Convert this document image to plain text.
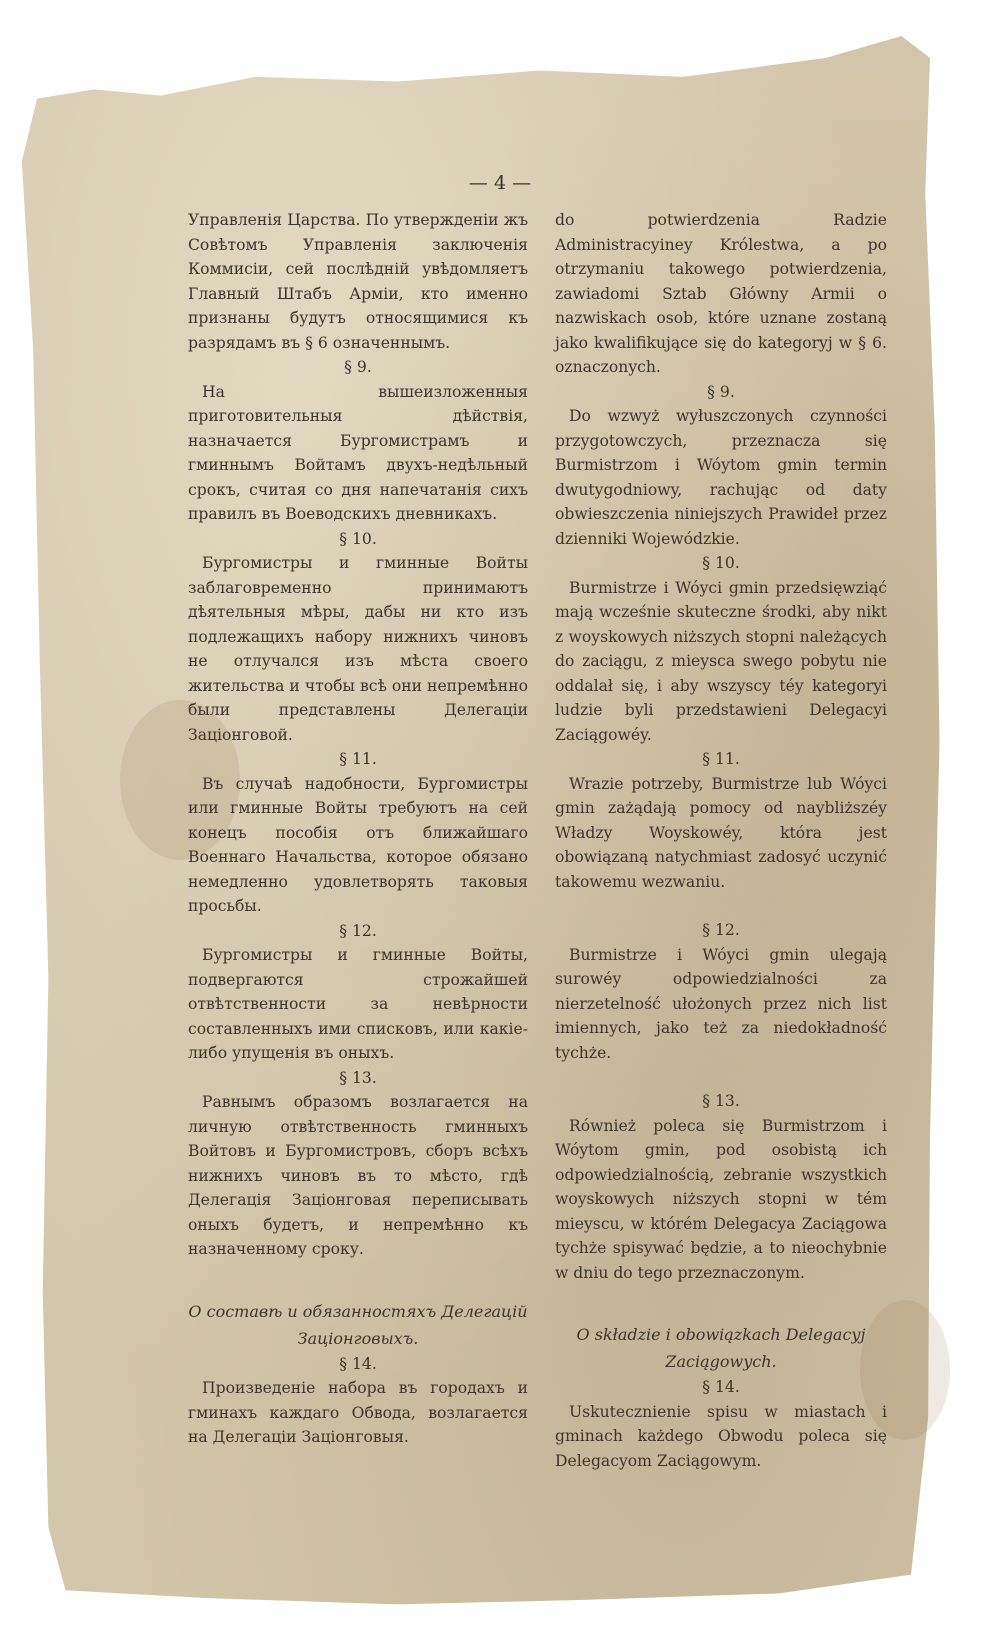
— 4 —

Управленія Царства. По утвержденіи жъ Совѣтомъ Управленія заключенія Коммисіи, сей послѣдній увѣдомляетъ Главный Штабъ Арміи, кто именно признаны будутъ относящимися къ разрядамъ въ § 6 означеннымъ.

§ 9.

На вышеизложенныя приготовительныя дѣйствія, назначается Бургомистрамъ и гминнымъ Войтамъ двухъ-недѣльный срокъ, считая со дня напечатанія сихъ правилъ въ Воеводскихъ дневникахъ.

§ 10.

Бургомистры и гминные Войты заблаговременно принимаютъ дѣятельныя мѣры, дабы ни кто изъ подлежащихъ набору нижнихъ чиновъ не отлучался изъ мѣста своего жительства и чтобы всѣ они непремѣнно были представлены Делегаціи Заціонговой.

§ 11.

Въ случаѣ надобности, Бургомистры или гминные Войты требуютъ на сей конецъ пособія отъ ближайшаго Военнаго Начальства, которое обязано немедленно удовлетворять таковыя просьбы.

§ 12.

Бургомистры и гминные Войты, подвергаются строжайшей отвѣтственности за невѣрности составленныхъ ими списковъ, или какіе-либо упущенія въ оныхъ.

§ 13.

Равнымъ образомъ возлагается на личную отвѣтственность гминныхъ Войтовъ и Бургомистровъ, сборъ всѣхъ нижнихъ чиновъ въ то мѣсто, гдѣ Делегація Заціонговая переписывать оныхъ будетъ, и непремѣнно къ назначенному сроку.

О составѣ и обязанностяхъ Делегацій Заціонговыхъ.

§ 14.

Произведеніе набора въ городахъ и гминахъ каждаго Обвода, возлагается на Делегаціи Заціонговыя.

do potwierdzenia Radzie Administracyiney Królestwa, a po otrzymaniu takowego potwierdzenia, zawiadomi Sztab Główny Armii o nazwiskach osob, które uznane zostaną jako kwalifikujące się do kategoryj w § 6. oznaczonych.

§ 9.

Do wzwyż wyłuszczonych czynności przygotowczych, przeznacza się Burmistrzom i Wóytom gmin termin dwutygodniowy, rachując od daty obwieszczenia niniejszych Prawideł przez dzienniki Wojewódzkie.

§ 10.

Burmistrze i Wóyci gmin przedsięwziąć mają wcześnie skuteczne środki, aby nikt z woyskowych niższych stopni należących do zaciągu, z mieysca swego pobytu nie oddalał się, i aby wszyscy téy kategoryi ludzie byli przedstawieni Delegacyi Zaciągowéy.

§ 11.

Wrazie potrzeby, Burmistrze lub Wóyci gmin zażądają pomocy od naybliższéy Władzy Woyskowéy, która jest obowiązaną natychmiast zadosyć uczynić takowemu wezwaniu.

§ 12.

Burmistrze i Wóyci gmin ulegają surowéy odpowiedzialności za nierzetelność ułożonych przez nich list imiennych, jako też za niedokładność tychże.

§ 13.

Również poleca się Burmistrzom i Wóytom gmin, pod osobistą ich odpowiedzialnością, zebranie wszystkich woyskowych niższych stopni w tém mieyscu, w którém Delegacya Zaciągowa tychże spisywać będzie, a to nieochybnie w dniu do tego przeznaczonym.

O składzie i obowiązkach Delegacyj Zaciągowych.

§ 14.

Uskutecznienie spisu w miastach i gminach każdego Obwodu poleca się Delegacyom Zaciągowym.
